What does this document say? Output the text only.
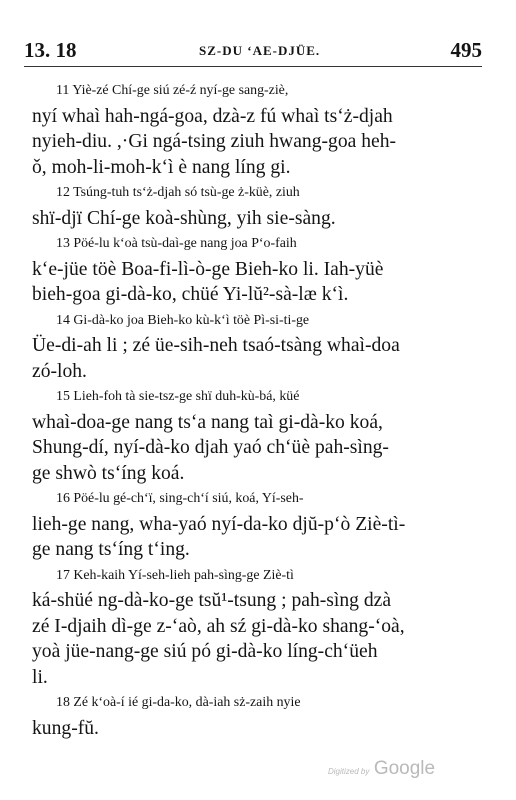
13. 18	SZ-DU ‘AE-DJÜE.	495

11 Yiè-zé Chí-ge siú zé-ź nyí-ge sang-ziè,
nyí whaì hah-ngá-goa, dzà-z fú whaì ts‘ż-djah
nyieh-diu. ,·Gi ngá-tsing ziuh hwang-goa heh-
ǒ, moh-li-moh-k‘ì è nang líng gi.

12 Tsúng-tuh ts‘ż-djah só tsù-ge ż-küè, ziuh
shï-djï Chí-ge koà-shùng, yih sie-sàng.

13 Pöé-lu k‘oà tsù-daì-ge nang joa P‘o-faih
k‘e-jüe töè Boa-fi-lì-ò-ge Bieh-ko li. Iah-yüè
bieh-goa gi-dà-ko, chüé Yi-lŭ²-sà-læ k‘ì.

14 Gi-dà-ko joa Bieh-ko kù-k‘ì töè Pì-si-ti-ge
Üe-di-ah li ; zé üe-sih-neh tsaó-tsàng whaì-doa
zó-loh.

15 Lieh-foh tà sie-tsz-ge shï duh-kù-bá, küé
whaì-doa-ge nang ts‘a nang taì gi-dà-ko koá,
Shung-dí, nyí-dà-ko djah yaó ch‘üè pah-sìng-
ge shwò ts‘íng koá.

16 Pöé-lu gé-ch‘ï, sing-ch‘í siú, koá, Yí-seh-
lieh-ge nang, wha-yaó nyí-da-ko djŭ-p‘ò Ziè-tì-
ge nang ts‘íng t‘ing.

17 Keh-kaih Yí-seh-lieh pah-sìng-ge Ziè-tì
ká-shüé ng-dà-ko-ge tsŭ¹-tsung ; pah-sìng dzà
zé I-djaih dì-ge z-‘aò, ah sź gi-dà-ko shang-‘oà,
yoà jüe-nang-ge siú pó gi-dà-ko líng-ch‘üeh
li.

18 Zé k‘oà-í ié gi-da-ko, dà-iah sż-zaih nyie
kung-fŭ.

Digitized by Google
